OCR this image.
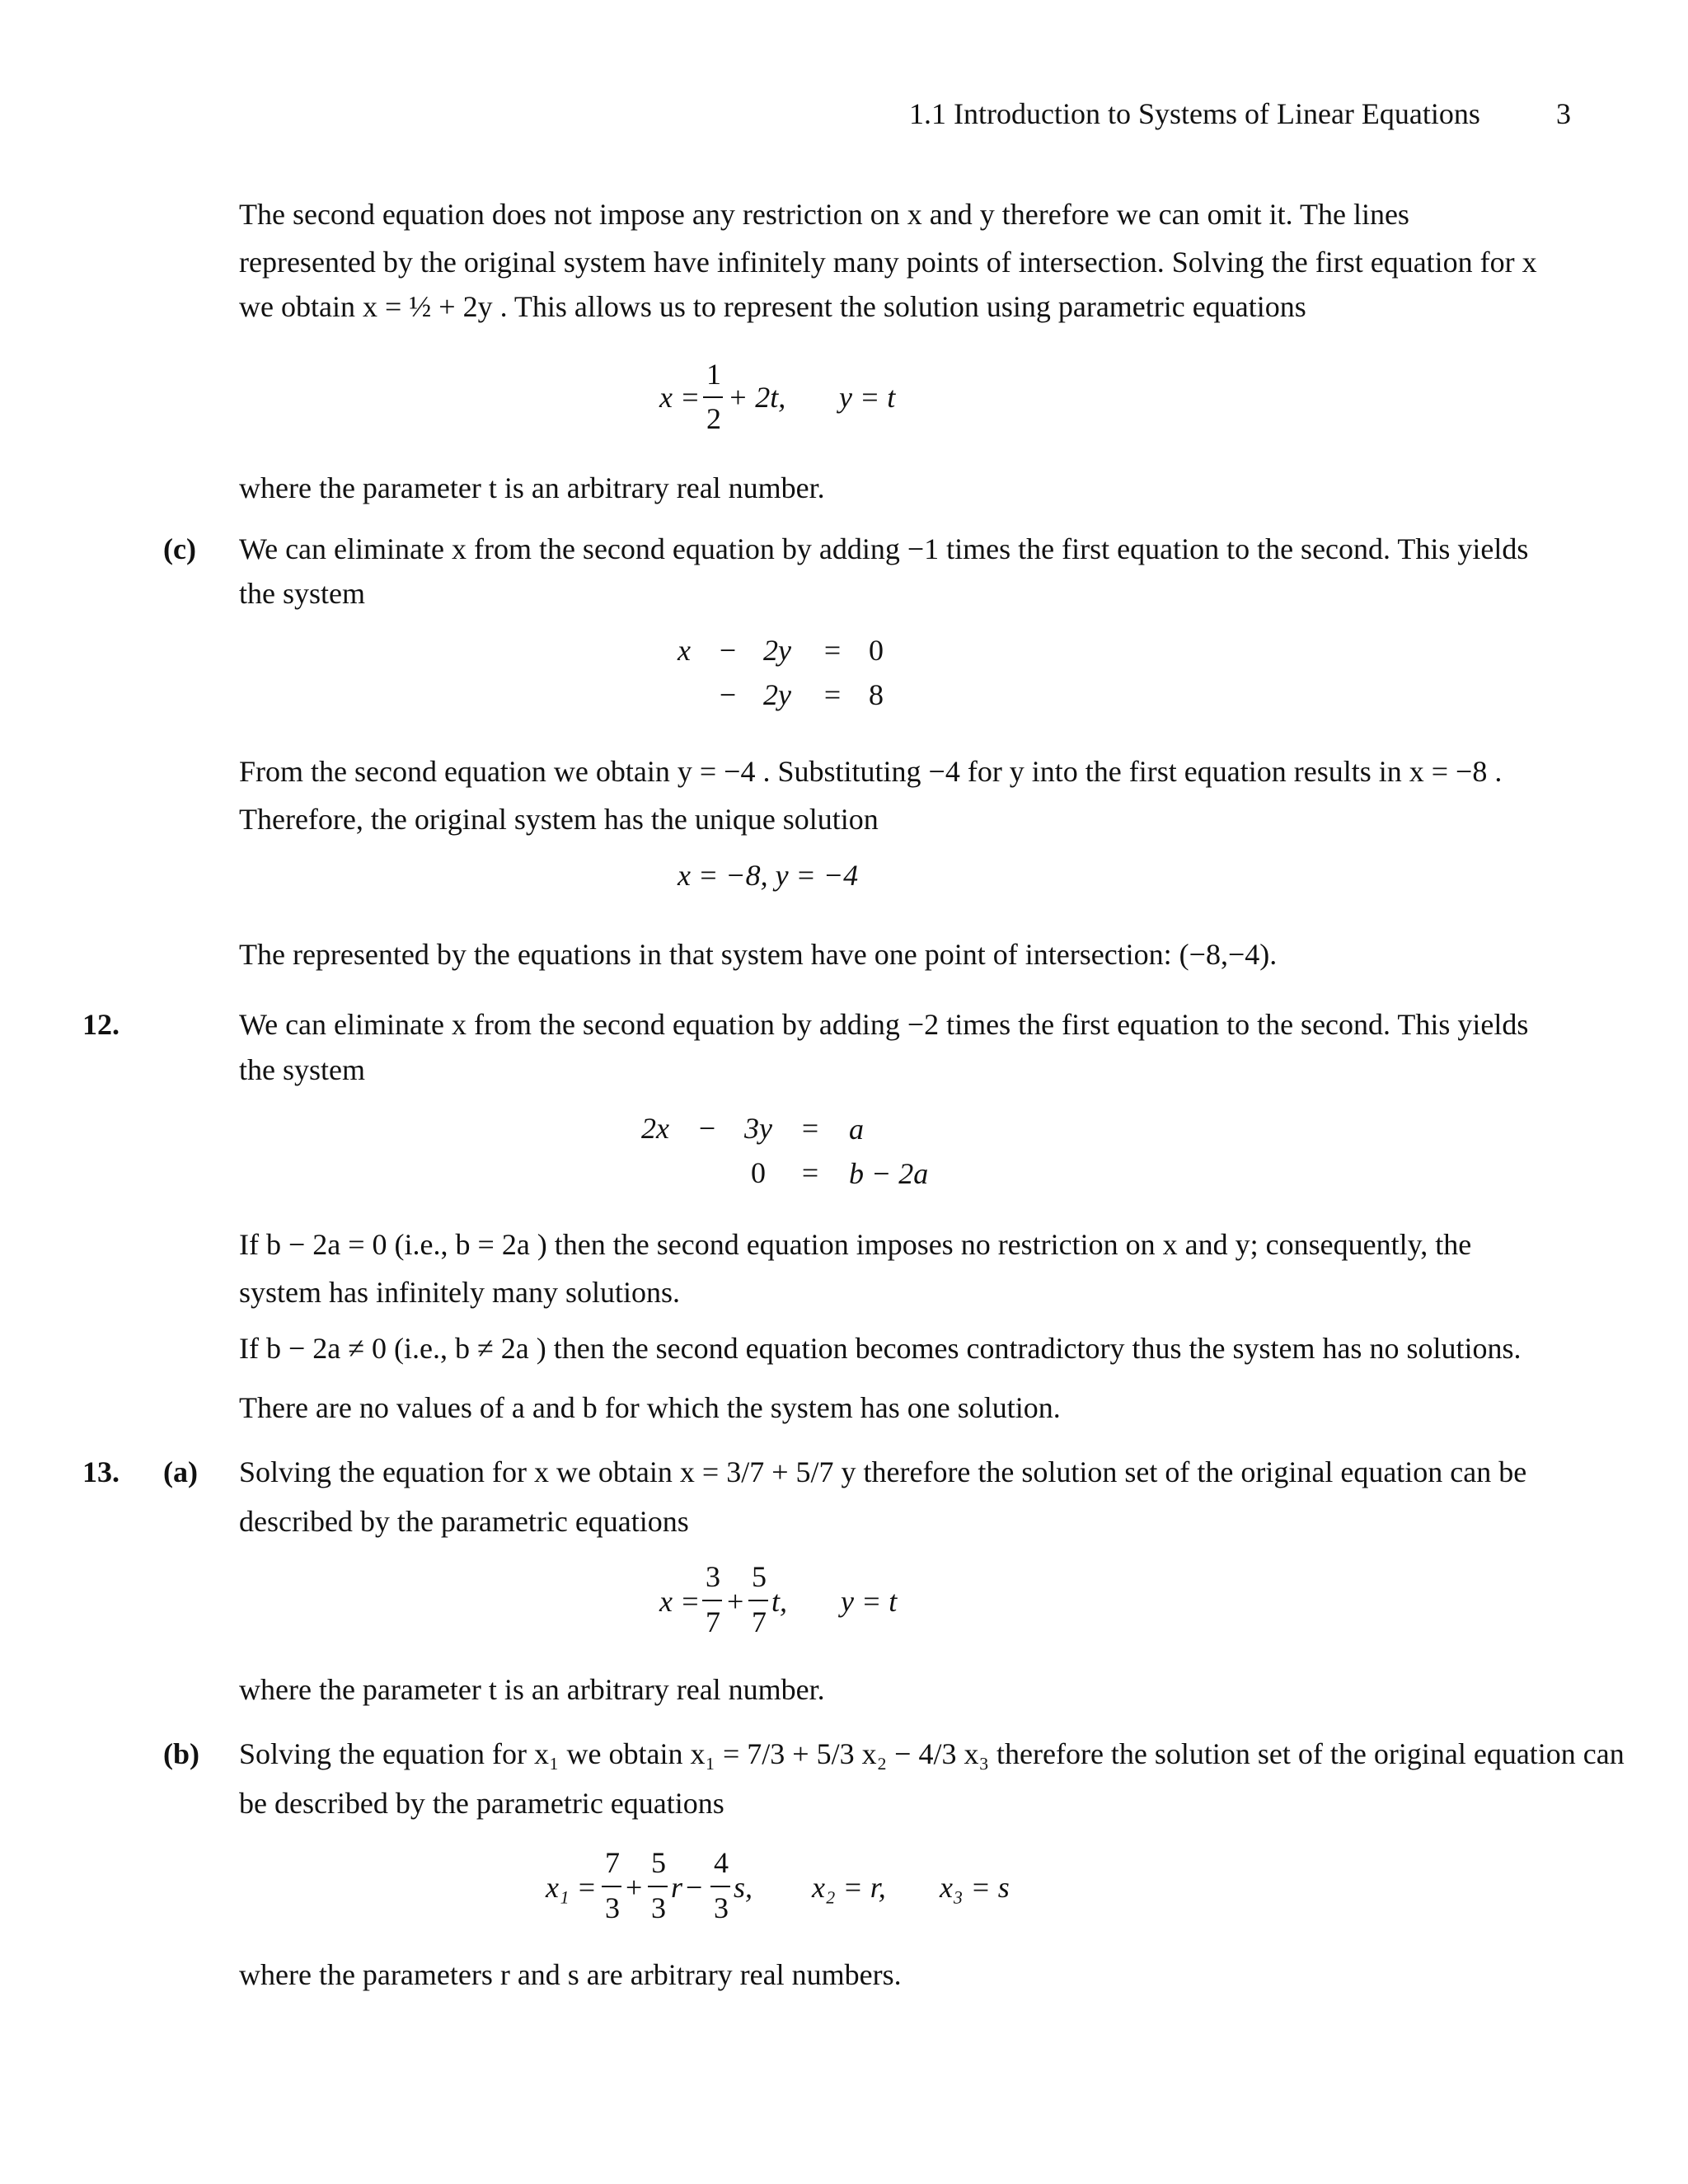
1.1 Introduction to Systems of Linear Equations	3
The second equation does not impose any restriction on x and y therefore we can omit it. The lines
represented by the original system have infinitely many points of intersection. Solving the first equation for x
we obtain x = ½ + 2y . This allows us to represent the solution using parametric equations
x =
1
2
+ 2t, y = t
where the parameter t is an arbitrary real number.
(c) We can eliminate x from the second equation by adding −1 times the first equation to the second. This yields
the system
x − 2y = 0
− 2y = 8
From the second equation we obtain y = −4 . Substituting −4 for y into the first equation results in x = −8 .
Therefore, the original system has the unique solution
x = −8, y = −4
The represented by the equations in that system have one point of intersection: (−8,−4).
12.	We can eliminate x from the second equation by adding −2 times the first equation to the second. This yields
the system
2x − 3y = a
0	= b − 2a
If b − 2a = 0 (i.e., b = 2a ) then the second equation imposes no restriction on x and y; consequently, the
system has infinitely many solutions.
If b − 2a ≠ 0 (i.e., b ≠ 2a ) then the second equation becomes contradictory thus the system has no solutions.
There are no values of a and b for which the system has one solution.
13. (a) Solving the equation for x we obtain x = 3/7 + 5/7 y therefore the solution set of the original equation can be
described by the parametric equations
x =
3
7
+
5
7
t, y = t
where the parameter t is an arbitrary real number.
(b) Solving the equation for x₁ we obtain x₁ = 7/3 + 5/3 x₂ − 4/3 x₃ therefore the solution set of the original equation can
be described by the parametric equations
x₁ =
7
3
+
5
3
r −
4
3
s, x₂ = r, x₃ = s
where the parameters r and s are arbitrary real numbers.
